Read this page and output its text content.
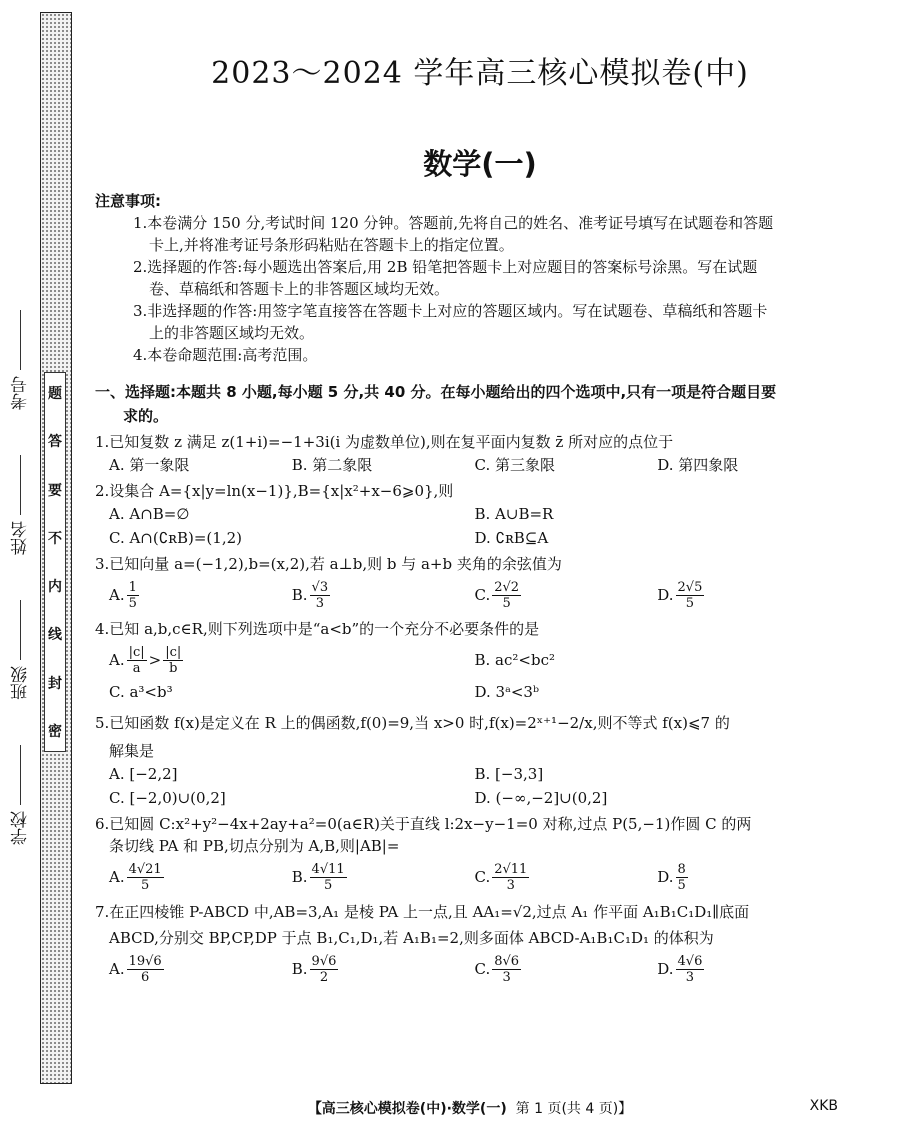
题
答
要
不
内
线
封
密
考号
姓名
班级
学校
2023～2024 学年高三核心模拟卷(中)
数学(一)
注意事项:
1.本卷满分 150 分,考试时间 120 分钟。答题前,先将自己的姓名、准考证号填写在试题卷和答题
卡上,并将准考证号条形码粘贴在答题卡上的指定位置。
2.选择题的作答:每小题选出答案后,用 2B 铅笔把答题卡上对应题目的答案标号涂黑。写在试题
卷、草稿纸和答题卡上的非答题区域均无效。
3.非选择题的作答:用签字笔直接答在答题卡上对应的答题区域内。写在试题卷、草稿纸和答题卡
上的非答题区域均无效。
4.本卷命题范围:高考范围。
一、选择题:本题共 8 小题,每小题 5 分,共 40 分。在每小题给出的四个选项中,只有一项是符合题目要
求的。
1.已知复数 z 满足 z(1+i)=−1+3i(i 为虚数单位),则在复平面内复数 z̄ 所对应的点位于
A. 第一象限	B. 第二象限	C. 第三象限	D. 第四象限
2.设集合 A={x|y=ln(x−1)},B={x|x²+x−6⩾0},则
A. A∩B=∅	B. A∪B=R
C. A∩(∁ʀB)=(1,2)	D. ∁ʀB⊆A
3.已知向量 a=(−1,2),b=(x,2),若 a⊥b,则 b 与 a+b 夹角的余弦值为
A. $\frac{1}{5}$	B. $\frac{√3}{3}$	C. $\frac{2√2}{5}$	D. $\frac{2√5}{5}$
4.已知 a,b,c∈R,则下列选项中是“a<b”的一个充分不必要条件的是
A. $\frac{|c|}{a} > \frac{|c|}{b}$	B. ac²<bc²
C. a³<b³	D. 3ᵃ<3ᵇ
5.已知函数 f(x)是定义在 R 上的偶函数,f(0)=9,当 x>0 时,f(x)=2ˣ⁺¹−2/x,则不等式 f(x)⩽7 的
解集是
A. [−2,2]	B. [−3,3]
C. [−2,0)∪(0,2]	D. (−∞,−2]∪(0,2]
6.已知圆 C:x²+y²−4x+2ay+a²=0(a∈R)关于直线 l:2x−y−1=0 对称,过点 P(5,−1)作圆 C 的两
条切线 PA 和 PB,切点分别为 A,B,则|AB|=
A. $\frac{4√21}{5}$	B. $\frac{4√11}{5}$	C. $\frac{2√11}{3}$	D. $\frac{8}{5}$
7.在正四棱锥 P-ABCD 中,AB=3,A₁ 是棱 PA 上一点,且 AA₁=√2,过点 A₁ 作平面 A₁B₁C₁D₁∥底面
ABCD,分别交 BP,CP,DP 于点 B₁,C₁,D₁,若 A₁B₁=2,则多面体 ABCD-A₁B₁C₁D₁ 的体积为
A. $\frac{19√6}{6}$	B. $\frac{9√6}{2}$	C. $\frac{8√6}{3}$	D. $\frac{4√6}{3}$
【高三核心模拟卷(中)·数学(一) 第 1 页(共 4 页)】	XKB
